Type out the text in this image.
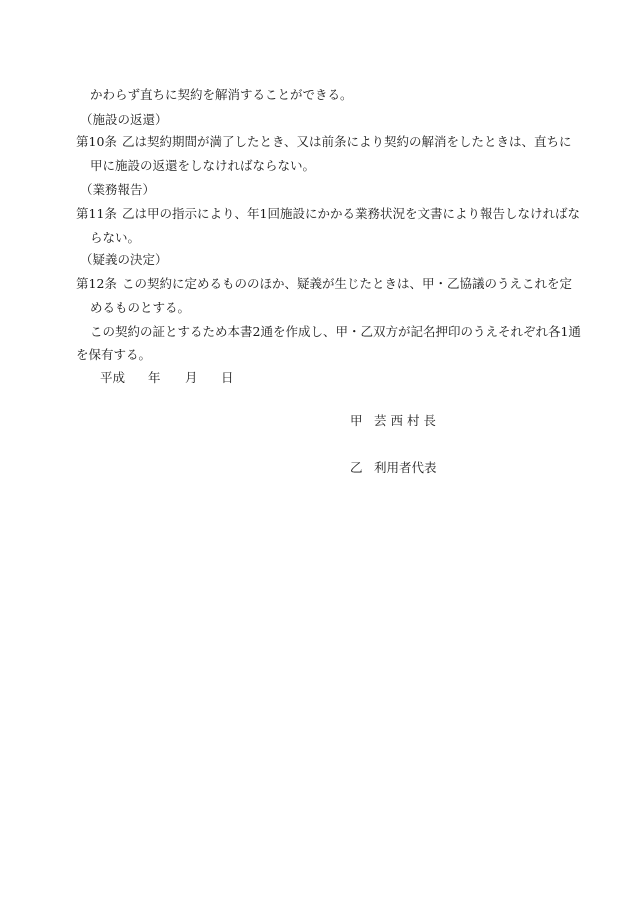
かわらず直ちに契約を解消することができる。
（施設の返還）
第10条 乙は契約期間が満了したとき、又は前条により契約の解消をしたときは、直ちに
甲に施設の返還をしなければならない。
（業務報告）
第11条 乙は甲の指示により、年1回施設にかかる業務状況を文書により報告しなければな
らない。
（疑義の決定）
第12条 この契約に定めるもののほか、疑義が生じたときは、甲・乙協議のうえこれを定
めるものとする。
この契約の証とするため本書2通を作成し、甲・乙双方が記名押印のうえそれぞれ各1通
を保有する。
平成 年 月 日
甲 芸 西 村 長
乙 利用者代表
